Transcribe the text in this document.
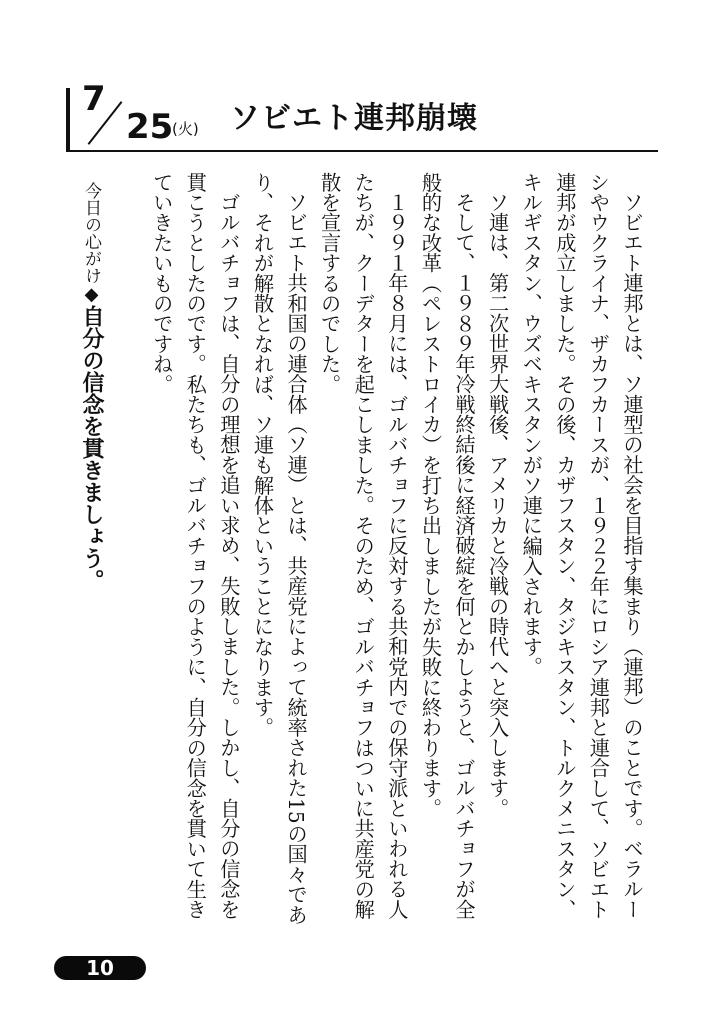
7
25
(火) ソビエト連邦崩壊

ソビエト連邦とは、ソ連型の社会を目指す集まり（連邦）のことです。ベラルーシやウクライナ、ザカフカースが、１９２２年にロシア連邦と連合して、ソビエト連邦が成立しました。その後、カザフスタン、タジキスタン、トルクメニスタン、キルギスタン、ウズベキスタンがソ連に編入されます。

ソ連は、第二次世界大戦後、アメリカと冷戦の時代へと突入します。

そして、１９８９年冷戦終結後に経済破綻を何とかしようと、ゴルバチョフが全般的な改革（ペレストロイカ）を打ち出しましたが失敗に終わります。

１９９１年８月には、ゴルバチョフに反対する共和党内での保守派といわれる人たちが、クーデターを起こしました。そのため、ゴルバチョフはついに共産党の解散を宣言するのでした。

ソビエト共和国の連合体（ソ連）とは、共産党によって統率された15の国々であり、それが解散となれば、ソ連も解体ということになります。

ゴルバチョフは、自分の理想を追い求め、失敗しました。しかし、自分の信念を貫こうとしたのです。私たちも、ゴルバチョフのように、自分の信念を貫いて生きていきたいものですね。

今日の心がけ◆自分の信念を貫きましょう。
10
